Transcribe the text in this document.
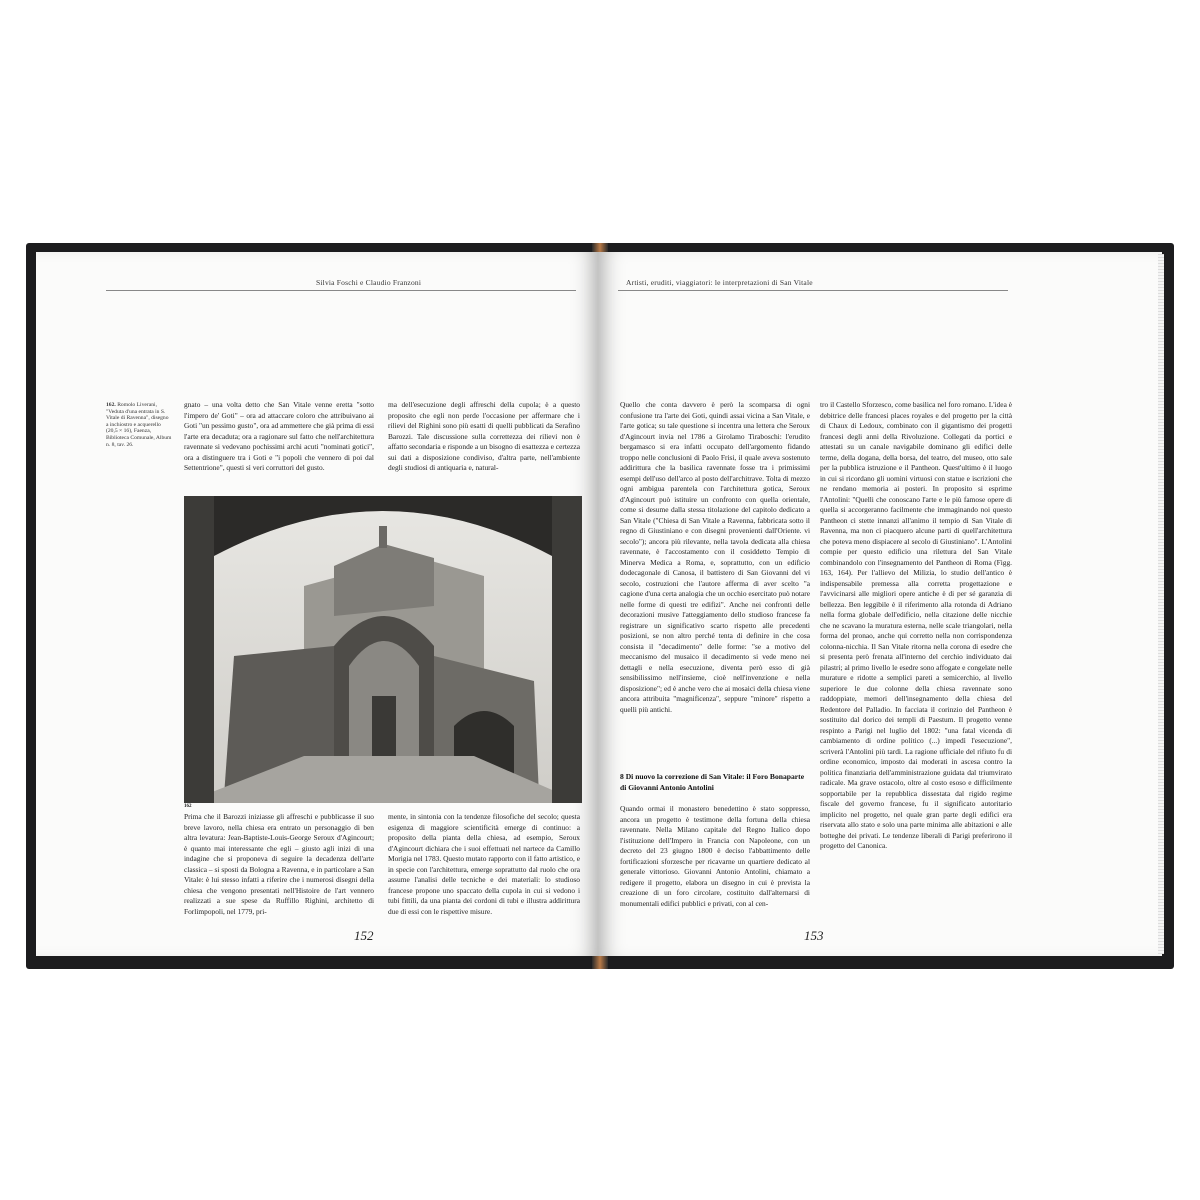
Silvia Foschi e Claudio Franzoni
162. Romolo Liverani, "Veduta d'una entrata in S. Vitale di Ravenna", disegno a inchiostro e acquerello (20,5 × 16), Faenza, Biblioteca Comunale, Album n. 8, tav. 26.
gnato – una volta detto che San Vitale venne eretta "sotto l'impero de' Goti" – ora ad attaccare coloro che attribuivano ai Goti "un pessimo gusto", ora ad ammettere che già prima di essi l'arte era decaduta; ora a ragionare sul fatto che nell'architettura ravennate si vedevano pochissimi archi acuti "nominati gotici", ora a distinguere tra i Goti e "i popoli che vennero di poi dal Settentrione", questi sì veri corruttori del gusto.
ma dell'esecuzione degli affreschi della cupola; è a questo proposito che egli non perde l'occasione per affermare che i rilievi del Righini sono più esatti di quelli pubblicati da Serafino Barozzi. Tale discussione sulla correttezza dei rilievi non è affatto secondaria e risponde a un bisogno di esattezza e certezza sui dati a disposizione condiviso, d'altra parte, nell'ambiente degli studiosi di antiquaria e, natural-
162
Prima che il Barozzi iniziasse gli affreschi e pubblicasse il suo breve lavoro, nella chiesa era entrato un personaggio di ben altra levatura: Jean-Baptiste-Louis-George Seroux d'Agincourt; è quanto mai interessante che egli – giusto agli inizi di una indagine che si proponeva di seguire la decadenza dell'arte classica – si sposti da Bologna a Ravenna, e in particolare a San Vitale: è lui stesso infatti a riferire che i numerosi disegni della chiesa che vengono presentati nell'Histoire de l'art vennero realizzati a sue spese da Ruffillo Righini, architetto di Forlimpopoli, nel 1779, pri-
mente, in sintonia con la tendenze filosofiche del secolo; questa esigenza di maggiore scientificità emerge di continuo: a proposito della pianta della chiesa, ad esempio, Seroux d'Agincourt dichiara che i suoi effettuati nel nartece da Camillo Morigia nel 1783. Questo mutato rapporto con il fatto artistico, e in specie con l'architettura, emerge soprattutto dal ruolo che ora assume l'analisi delle tecniche e dei materiali: lo studioso francese propone uno spaccato della cupola in cui si vedono i tubi fittili, da una pianta dei cordoni di tubi e illustra addirittura due di essi con le rispettive misure.
152
Artisti, eruditi, viaggiatori: le interpretazioni di San Vitale
Quello che conta davvero è però la scomparsa di ogni confusione tra l'arte dei Goti, quindi assai vicina a San Vitale, e l'arte gotica; su tale questione si incentra una lettera che Seroux d'Agincourt invia nel 1786 a Girolamo Tiraboschi: l'erudito bergamasco si era infatti occupato dell'argomento fidando troppo nelle conclusioni di Paolo Frisi, il quale aveva sostenuto addirittura che la basilica ravennate fosse tra i primissimi esempi dell'uso dell'arco al posto dell'architrave. Tolta di mezzo ogni ambigua parentela con l'architettura gotica, Seroux d'Agincourt può istituire un confronto con quella orientale, come si desume dalla stessa titolazione del capitolo dedicato a San Vitale ("Chiesa di San Vitale a Ravenna, fabbricata sotto il regno di Giustiniano e con disegni provenienti dall'Oriente. vi secolo"); ancora più rilevante, nella tavola dedicata alla chiesa ravennate, è l'accostamento con il cosiddetto Tempio di Minerva Medica a Roma, e, soprattutto, con un edificio dodecagonale di Canosa, il battistero di San Giovanni del vi secolo, costruzioni che l'autore afferma di aver scelto "a cagione d'una certa analogia che un occhio esercitato può notare nelle forme di questi tre edifizi". Anche nei confronti delle decorazioni musive l'atteggiamento dello studioso francese fa registrare un significativo scarto rispetto alle precedenti posizioni, se non altro perché tenta di definire in che cosa consista il "decadimento" delle forme: "se a motivo del meccanismo del musaico il decadimento si vede meno nei dettagli e nella esecuzione, diventa però esso di già sensibilissimo nell'insieme, cioè nell'invenzione e nella disposizione"; ed è anche vero che ai mosaici della chiesa viene ancora attribuita "magnificenza", seppure "minore" rispetto a quelli più antichi.
8 Di nuovo la correzione di San Vitale: il Foro Bonaparte di Giovanni Antonio Antolini
Quando ormai il monastero benedettino è stato soppresso, ancora un progetto è testimone della fortuna della chiesa ravennate. Nella Milano capitale del Regno Italico dopo l'istituzione dell'Impero in Francia con Napoleone, con un decreto del 23 giugno 1800 è deciso l'abbattimento delle fortificazioni sforzesche per ricavarne un quartiere dedicato al generale vittorioso. Giovanni Antonio Antolini, chiamato a redigere il progetto, elabora un disegno in cui è prevista la creazione di un foro circolare, costituito dall'alternarsi di monumentali edifici pubblici e privati, con al cen-
tro il Castello Sforzesco, come basilica nel foro romano. L'idea è debitrice delle francesi places royales e del progetto per la città di Chaux di Ledoux, combinato con il gigantismo dei progetti francesi degli anni della Rivoluzione. Collegati da portici e attestati su un canale navigabile dominano gli edifici delle terme, della dogana, della borsa, del teatro, del museo, otto sale per la pubblica istruzione e il Pantheon. Quest'ultimo è il luogo in cui si ricordano gli uomini virtuosi con statue e iscrizioni che ne rendano memoria ai posteri. In proposito si esprime l'Antolini: "Quelli che conoscano l'arte e le più famose opere di quella si accorgeranno facilmente che immaginando noi questo Pantheon ci stette innanzi all'animo il tempio di San Vitale di Ravenna, ma non ci piacquero alcune parti di quell'architettura che poteva meno dispiacere al secolo di Giustiniano". L'Antolini compie per questo edificio una rilettura del San Vitale combinandolo con l'insegnamento del Pantheon di Roma (Figg. 163, 164). Per l'allievo del Milizia, lo studio dell'antico è indispensabile premessa alla corretta progettazione e l'avvicinarsi alle migliori opere antiche è di per sé garanzia di bellezza. Ben leggibile è il riferimento alla rotonda di Adriano nella forma globale dell'edificio, nella citazione delle nicchie che ne scavano la muratura esterna, nelle scale triangolari, nella forma del pronao, anche qui corretto nella non corrispondenza colonna-nicchia. Il San Vitale ritorna nella corona di esedre che si presenta però frenata all'interno del cerchio individuato dai pilastri; al primo livello le esedre sono affogate e congelate nelle murature e ridotte a semplici pareti a semicerchio, al livello superiore le due colonne della chiesa ravennate sono raddoppiate, memori dell'insegnamento della chiesa del Redentore del Palladio. In facciata il corinzio del Pantheon è sostituito dal dorico dei templi di Paestum. Il progetto venne respinto a Parigi nel luglio del 1802: "una fatal vicenda di cambiamento di ordine politico (...) impedì l'esecuzione", scriverà l'Antolini più tardi. La ragione ufficiale del rifiuto fu di ordine economico, imposto dai moderati in ascesa contro la politica finanziaria dell'amministrazione guidata dal triumvirato radicale. Ma grave ostacolo, oltre al costo esoso e difficilmente sopportabile per la repubblica dissestata dal rigido regime fiscale del governo francese, fu il significato autoritario implicito nel progetto, nel quale gran parte degli edifici era riservata allo stato e solo una parte minima alle abitazioni e alle botteghe dei privati. Le tendenze liberali di Parigi preferirono il progetto del Canonica.
153
